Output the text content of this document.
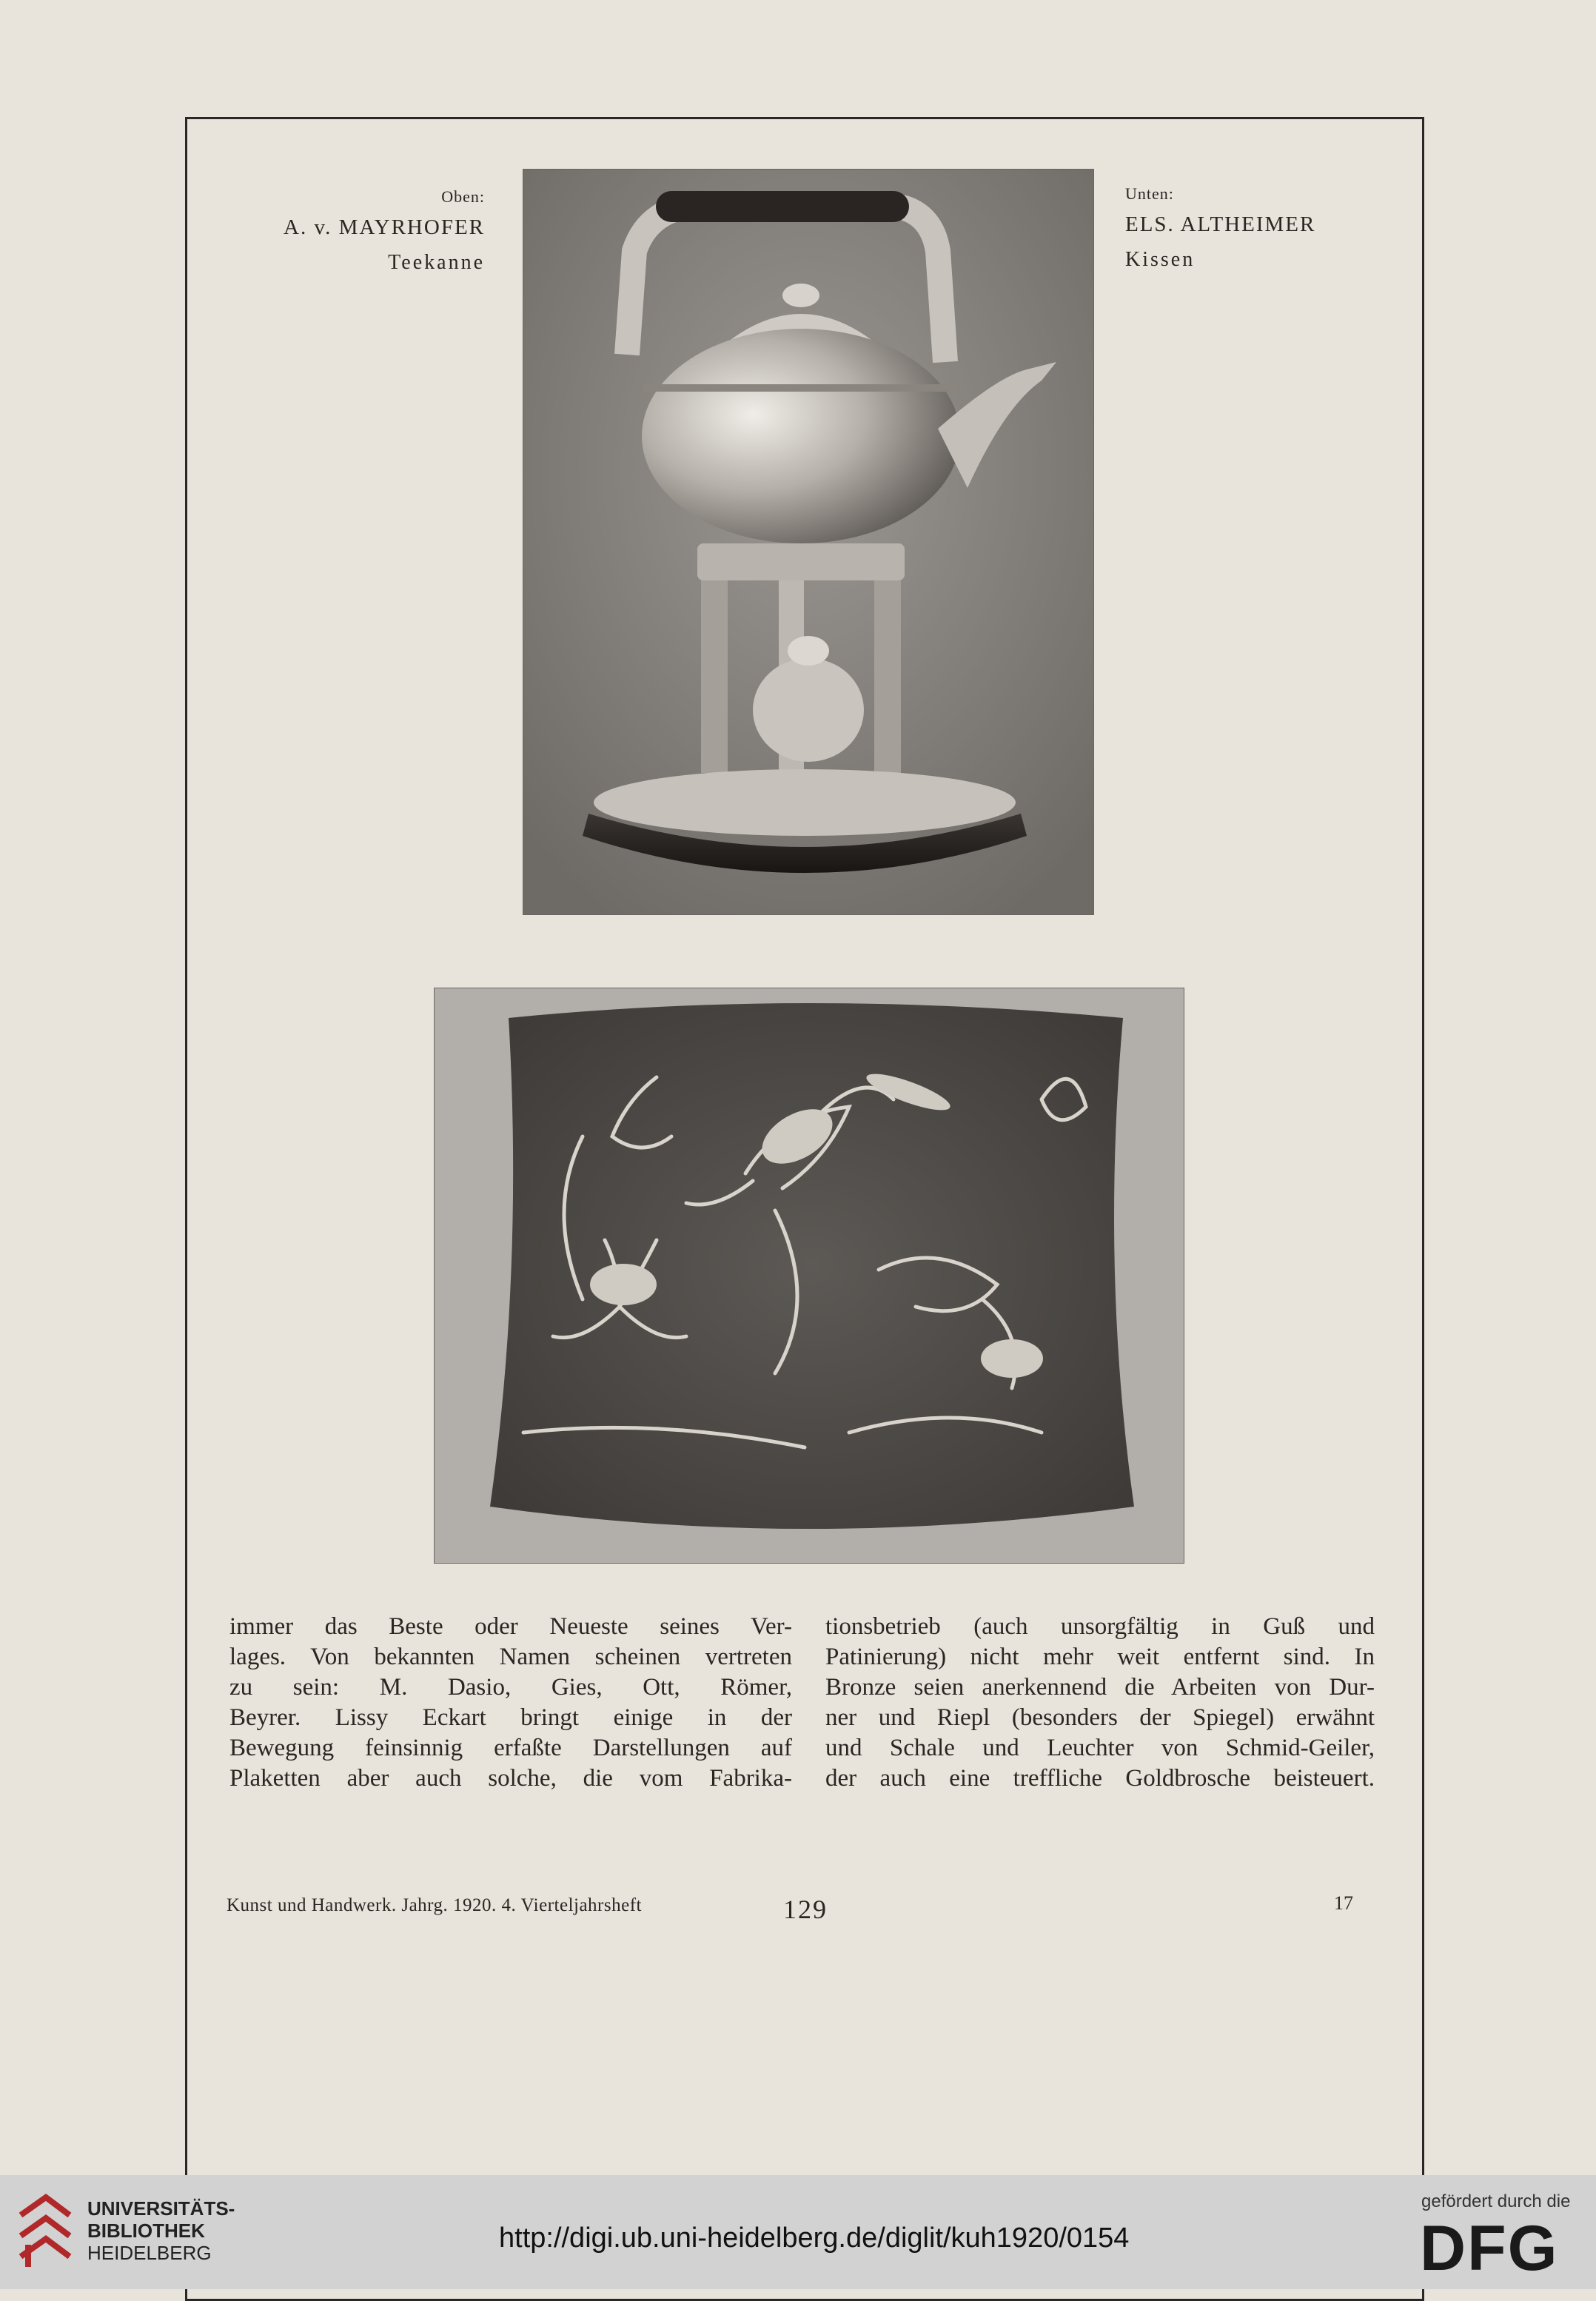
Oben:
A. v. MAYRHOFER
Teekanne
Unten:
ELS. ALTHEIMER
Kissen
immer das Beste oder Neueste seines Ver-
lages. Von bekannten Namen scheinen vertreten
zu sein: M. Dasio, Gies, Ott, Römer,
Beyrer. Lissy Eckart bringt einige in der
Bewegung feinsinnig erfaßte Darstellungen auf
Plaketten aber auch solche, die vom Fabrika-
tionsbetrieb (auch unsorgfältig in Guß und
Patinierung) nicht mehr weit entfernt sind. In
Bronze seien anerkennend die Arbeiten von Dur-
ner und Riepl (besonders der Spiegel) erwähnt
und Schale und Leuchter von Schmid-Geiler,
der auch eine treffliche Goldbrosche beisteuert.
Kunst und Handwerk. Jahrg. 1920. 4. Vierteljahrsheft	129	17
UNIVERSITÄTS-
BIBLIOTHEK
HEIDELBERG	http://digi.ub.uni-heidelberg.de/diglit/kuh1920/0154
gefördert durch die
DFG
